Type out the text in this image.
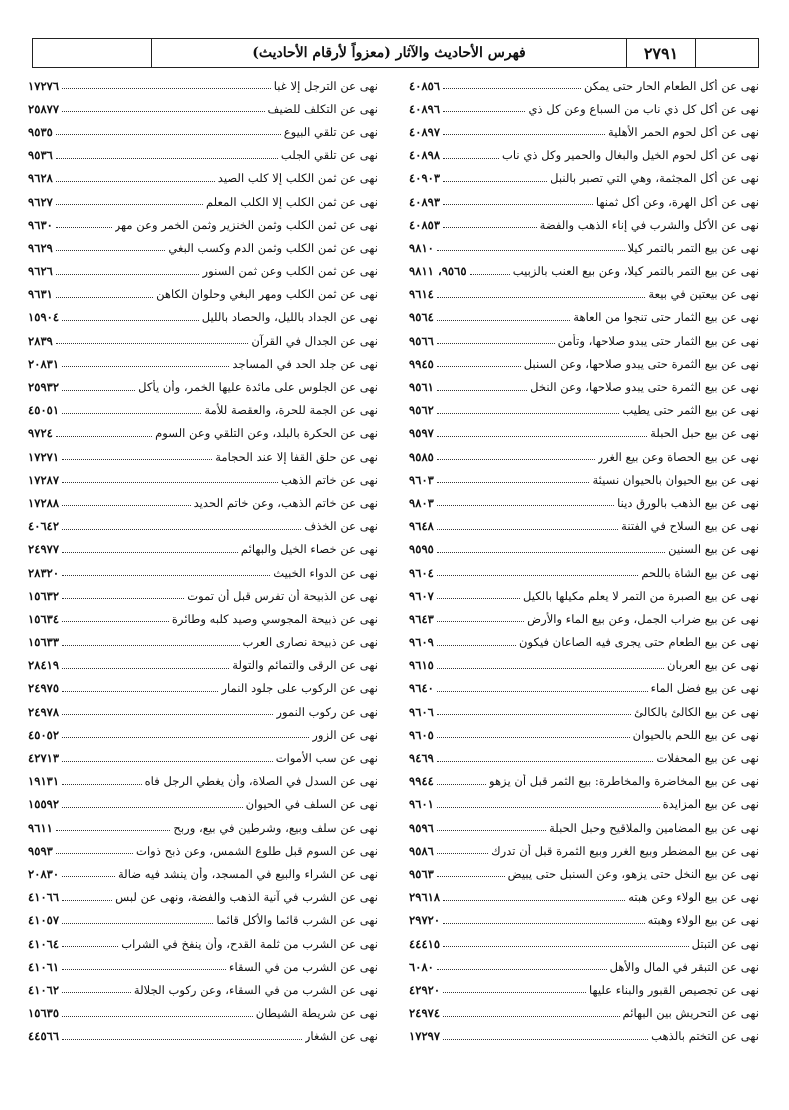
٢٧٩١
فهرس الأحاديث والآثار (معزواً لأرقام الأحاديث)
نهى عن أكل الطعام الحار حتى يمكن
٤٠٨٥٦
نهى عن أكل كل ذي ناب من السباع وعن كل ذي
٤٠٨٩٦
نهى عن أكل لحوم الحمر الأهلية
٤٠٨٩٧
نهى عن أكل لحوم الخيل والبغال والحمير وكل ذي ناب
٤٠٨٩٨
نهى عن أكل المجثمة، وهي التي تصبر بالنبل
٤٠٩٠٣
نهى عن أكل الهرة، وعن أكل ثمنها
٤٠٨٩٣
نهى عن الأكل والشرب في إناء الذهب والفضة
٤٠٨٥٣
نهى عن بيع التمر بالتمر كيلا
٩٨١٠
نهى عن بيع التمر بالتمر كيلا، وعن بيع العنب بالزبيب
٩٥٦٥، ٩٨١١
نهى عن بيعتين في بيعة
٩٦١٤
نهى عن بيع الثمار حتى تنجوا من العاهة
٩٥٦٤
نهى عن بيع الثمار حتى يبدو صلاحها، وتأمن
٩٥٦٦
نهى عن بيع الثمرة حتى يبدو صلاحها، وعن السنبل
٩٩٤٥
نهى عن بيع الثمرة حتى يبدو صلاحها، وعن النخل
٩٥٦١
نهى عن بيع الثمر حتى يطيب
٩٥٦٢
نهى عن بيع حبل الحبلة
٩٥٩٧
نهى عن بيع الحصاة وعن بيع الغرر
٩٥٨٥
نهى عن بيع الحيوان بالحيوان نسيئة
٩٦٠٣
نهى عن بيع الذهب بالورق دينا
٩٨٠٣
نهى عن بيع السلاح في الفتنة
٩٦٤٨
نهى عن بيع السنين
٩٥٩٥
نهى عن بيع الشاة باللحم
٩٦٠٤
نهى عن بيع الصبرة من التمر لا يعلم مكيلها بالكيل
٩٦٠٧
نهى عن بيع ضراب الجمل، وعن بيع الماء والأرض
٩٦٤٣
نهى عن بيع الطعام حتى يجرى فيه الصاعان فيكون
٩٦٠٩
نهى عن بيع العربان
٩٦١٥
نهى عن بيع فضل الماء
٩٦٤٠
نهى عن بيع الكالئ بالكالئ
٩٦٠٦
نهى عن بيع اللحم بالحيوان
٩٦٠٥
نهى عن بيع المحفلات
٩٤٦٩
نهى عن بيع المخاضرة والمخاطرة: بيع الثمر قبل أن يزهو
٩٩٤٤
نهى عن بيع المزايدة
٩٦٠١
نهى عن بيع المضامين والملاقيح وحبل الحبلة
٩٥٩٦
نهى عن بيع المضطر وبيع الغرر وبيع الثمرة قبل أن تدرك
٩٥٨٦
نهى عن بيع النخل حتى يزهو، وعن السنبل حتى يبيض
٩٥٦٣
نهى عن بيع الولاء وعن هبته
٢٩٦١٨
نهى عن بيع الولاء وهبته
٢٩٧٢٠
نهى عن التبتل
٤٤٤١٥
نهى عن التبقر في المال والأهل
٦٠٨٠
نهى عن تجصيص القبور والبناء عليها
٤٢٩٢٠
نهى عن التحريش بين البهائم
٢٤٩٧٤
نهى عن التختم بالذهب
١٧٢٩٧
نهى عن الترجل إلا غبا
١٧٢٧٦
نهى عن التكلف للضيف
٢٥٨٧٧
نهى عن تلقي البيوع
٩٥٣٥
نهى عن تلقي الجلب
٩٥٣٦
نهى عن ثمن الكلب إلا كلب الصيد
٩٦٢٨
نهى عن ثمن الكلب إلا الكلب المعلم
٩٦٢٧
نهى عن ثمن الكلب وثمن الخنزير وثمن الخمر وعن مهر
٩٦٣٠
نهى عن ثمن الكلب وثمن الدم وكسب البغي
٩٦٢٩
نهى عن ثمن الكلب وعن ثمن السنور
٩٦٢٦
نهى عن ثمن الكلب ومهر البغي وحلوان الكاهن
٩٦٣١
نهى عن الجداد بالليل، والحصاد بالليل
١٥٩٠٤
نهى عن الجدال في القرآن
٢٨٣٩
نهى عن جلد الحد في المساجد
٢٠٨٣١
نهى عن الجلوس على مائدة عليها الخمر، وأن يأكل
٢٥٩٣٢
نهى عن الجمة للحرة، والعقصة للأمة
٤٥٠٥١
نهى عن الحكرة بالبلد، وعن التلقي وعن السوم
٩٧٢٤
نهى عن حلق القفا إلا عند الحجامة
١٧٢٧١
نهى عن خاتم الذهب
١٧٢٨٧
نهى عن خاتم الذهب، وعن خاتم الحديد
١٧٢٨٨
نهى عن الخذف
٤٠٦٤٢
نهى عن خصاء الخيل والبهائم
٢٤٩٧٧
نهى عن الدواء الخبيث
٢٨٣٢٠
نهى عن الذبيحة أن تفرس قبل أن تموت
١٥٦٣٢
نهى عن ذبيحة المجوسي وصيد كلبه وطائرة
١٥٦٣٤
نهى عن ذبيحة نصارى العرب
١٥٦٣٣
نهى عن الرقى والتمائم والتولة
٢٨٤١٩
نهى عن الركوب على جلود النمار
٢٤٩٧٥
نهى عن ركوب النمور
٢٤٩٧٨
نهى عن الزور
٤٥٠٥٢
نهى عن سب الأموات
٤٢٧١٣
نهى عن السدل في الصلاة، وأن يغطي الرجل فاه
١٩١٣١
نهى عن السلف في الحيوان
١٥٥٩٢
نهى عن سلف وبيع، وشرطين في بيع، وربح
٩٦١١
نهى عن السوم قبل طلوع الشمس، وعن ذبح ذوات
٩٥٩٣
نهى عن الشراء والبيع في المسجد، وأن ينشد فيه ضالة
٢٠٨٣٠
نهى عن الشرب في آنية الذهب والفضة، ونهى عن لبس
٤١٠٦٦
نهى عن الشرب قائما والأكل قائما
٤١٠٥٧
نهى عن الشرب من ثلمة القدح، وأن ينفخ في الشراب
٤١٠٦٤
نهى عن الشرب من في السقاء
٤١٠٦١
نهى عن الشرب من في السقاء، وعن ركوب الجلالة
٤١٠٦٢
نهى عن شريطة الشيطان
١٥٦٣٥
نهى عن الشغار
٤٤٥٦٦
